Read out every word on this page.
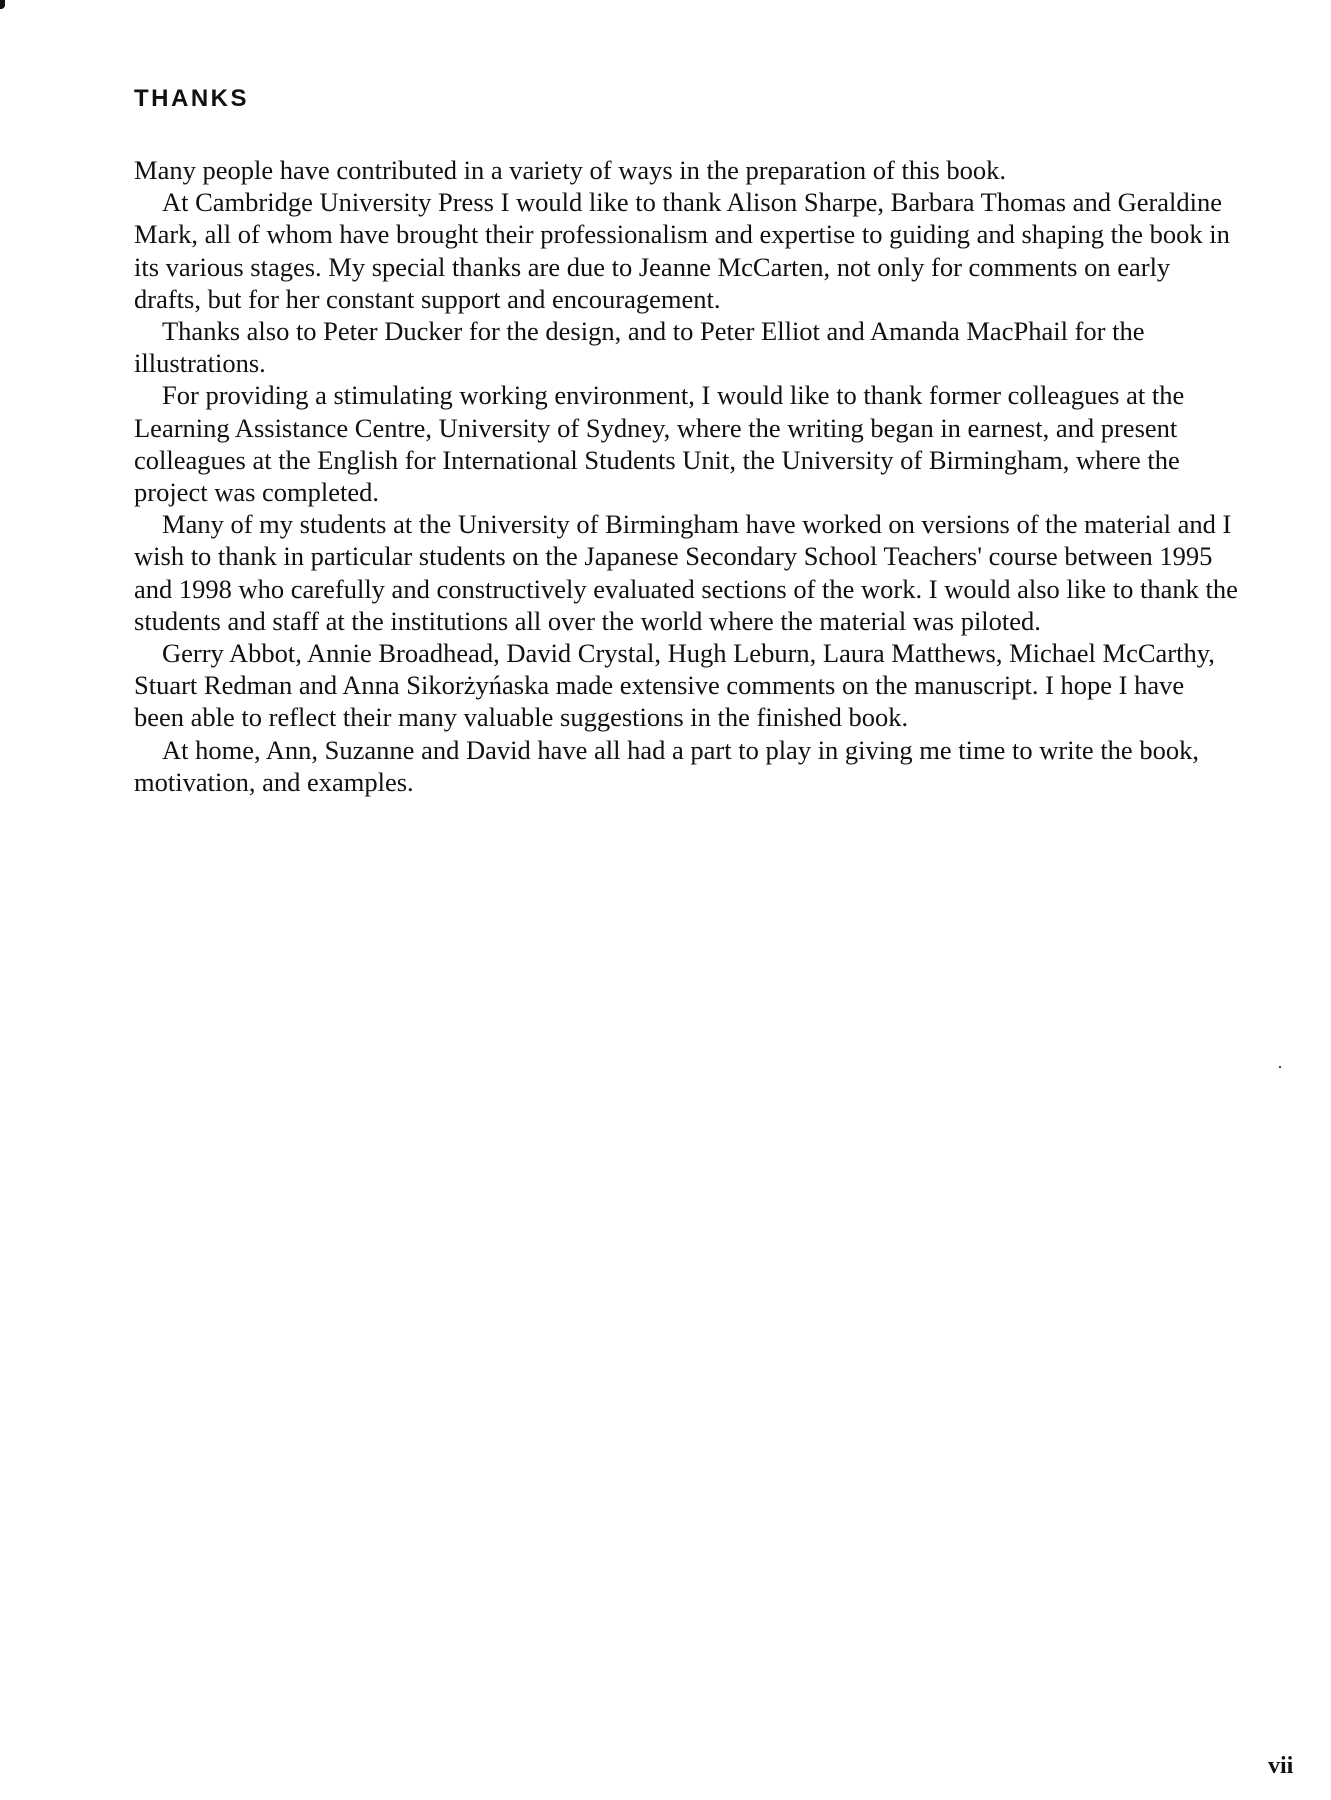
THANKS

Many people have contributed in a variety of ways in the preparation of this book.

At Cambridge University Press I would like to thank Alison Sharpe, Barbara Thomas and Geraldine Mark, all of whom have brought their professionalism and expertise to guiding and shaping the book in its various stages. My special thanks are due to Jeanne McCarten, not only for comments on early drafts, but for her constant support and encouragement.

Thanks also to Peter Ducker for the design, and to Peter Elliot and Amanda MacPhail for the illustrations.

For providing a stimulating working environment, I would like to thank former colleagues at the Learning Assistance Centre, University of Sydney, where the writing began in earnest, and present colleagues at the English for International Students Unit, the University of Birmingham, where the project was completed.

Many of my students at the University of Birmingham have worked on versions of the material and I wish to thank in particular students on the Japanese Secondary School Teachers' course between 1995 and 1998 who carefully and constructively evaluated sections of the work. I would also like to thank the students and staff at the institutions all over the world where the material was piloted.

Gerry Abbot, Annie Broadhead, David Crystal, Hugh Leburn, Laura Matthews, Michael McCarthy, Stuart Redman and Anna Sikorżyńaska made extensive comments on the manuscript. I hope I have been able to reflect their many valuable suggestions in the finished book.

At home, Ann, Suzanne and David have all had a part to play in giving me time to write the book, motivation, and examples.

vii
